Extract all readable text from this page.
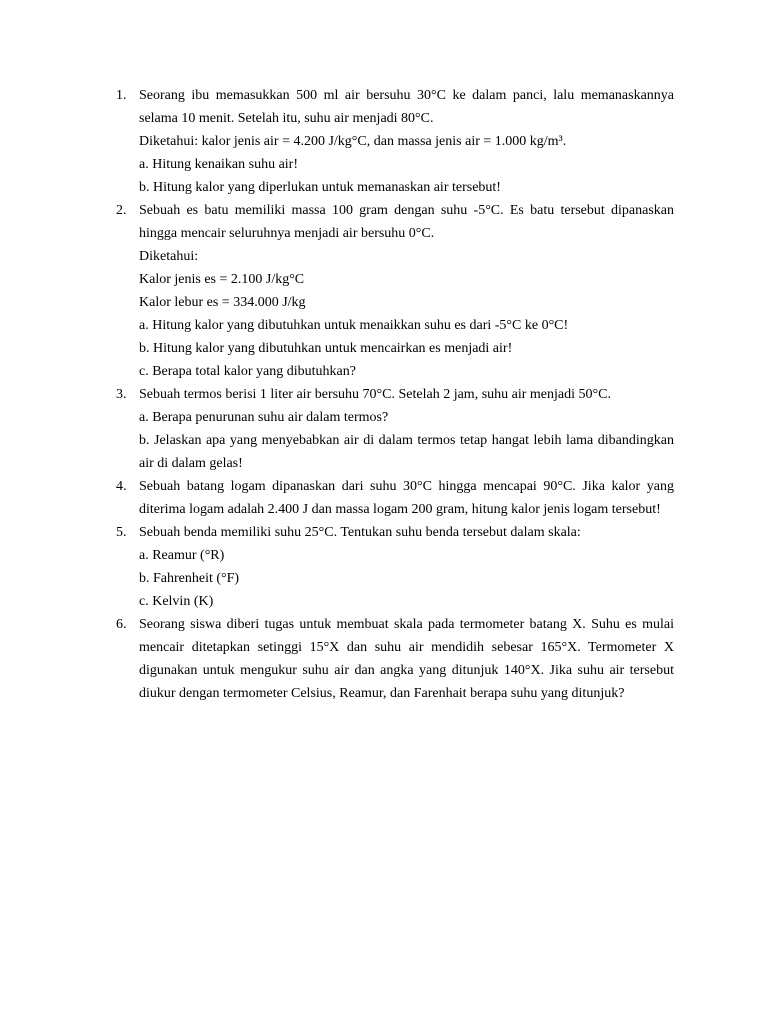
1. Seorang ibu memasukkan 500 ml air bersuhu 30°C ke dalam panci, lalu memanaskannya selama 10 menit. Setelah itu, suhu air menjadi 80°C.

Diketahui: kalor jenis air = 4.200 J/kg°C, dan massa jenis air = 1.000 kg/m³.

a. Hitung kenaikan suhu air!

b. Hitung kalor yang diperlukan untuk memanaskan air tersebut!

2. Sebuah es batu memiliki massa 100 gram dengan suhu -5°C. Es batu tersebut dipanaskan hingga mencair seluruhnya menjadi air bersuhu 0°C.

Diketahui:

Kalor jenis es = 2.100 J/kg°C

Kalor lebur es = 334.000 J/kg

a. Hitung kalor yang dibutuhkan untuk menaikkan suhu es dari -5°C ke 0°C!

b. Hitung kalor yang dibutuhkan untuk mencairkan es menjadi air!

c. Berapa total kalor yang dibutuhkan?

3. Sebuah termos berisi 1 liter air bersuhu 70°C. Setelah 2 jam, suhu air menjadi 50°C.

a. Berapa penurunan suhu air dalam termos?

b. Jelaskan apa yang menyebabkan air di dalam termos tetap hangat lebih lama dibandingkan air di dalam gelas!

4. Sebuah batang logam dipanaskan dari suhu 30°C hingga mencapai 90°C. Jika kalor yang diterima logam adalah 2.400 J dan massa logam 200 gram, hitung kalor jenis logam tersebut!

5. Sebuah benda memiliki suhu 25°C. Tentukan suhu benda tersebut dalam skala:

a. Reamur (°R)

b. Fahrenheit (°F)

c. Kelvin (K)

6. Seorang siswa diberi tugas untuk membuat skala pada termometer batang X. Suhu es mulai mencair ditetapkan setinggi 15°X dan suhu air mendidih sebesar 165°X. Termometer X digunakan untuk mengukur suhu air dan angka yang ditunjuk 140°X. Jika suhu air tersebut diukur dengan termometer Celsius, Reamur, dan Farenhait berapa suhu yang ditunjuk?
